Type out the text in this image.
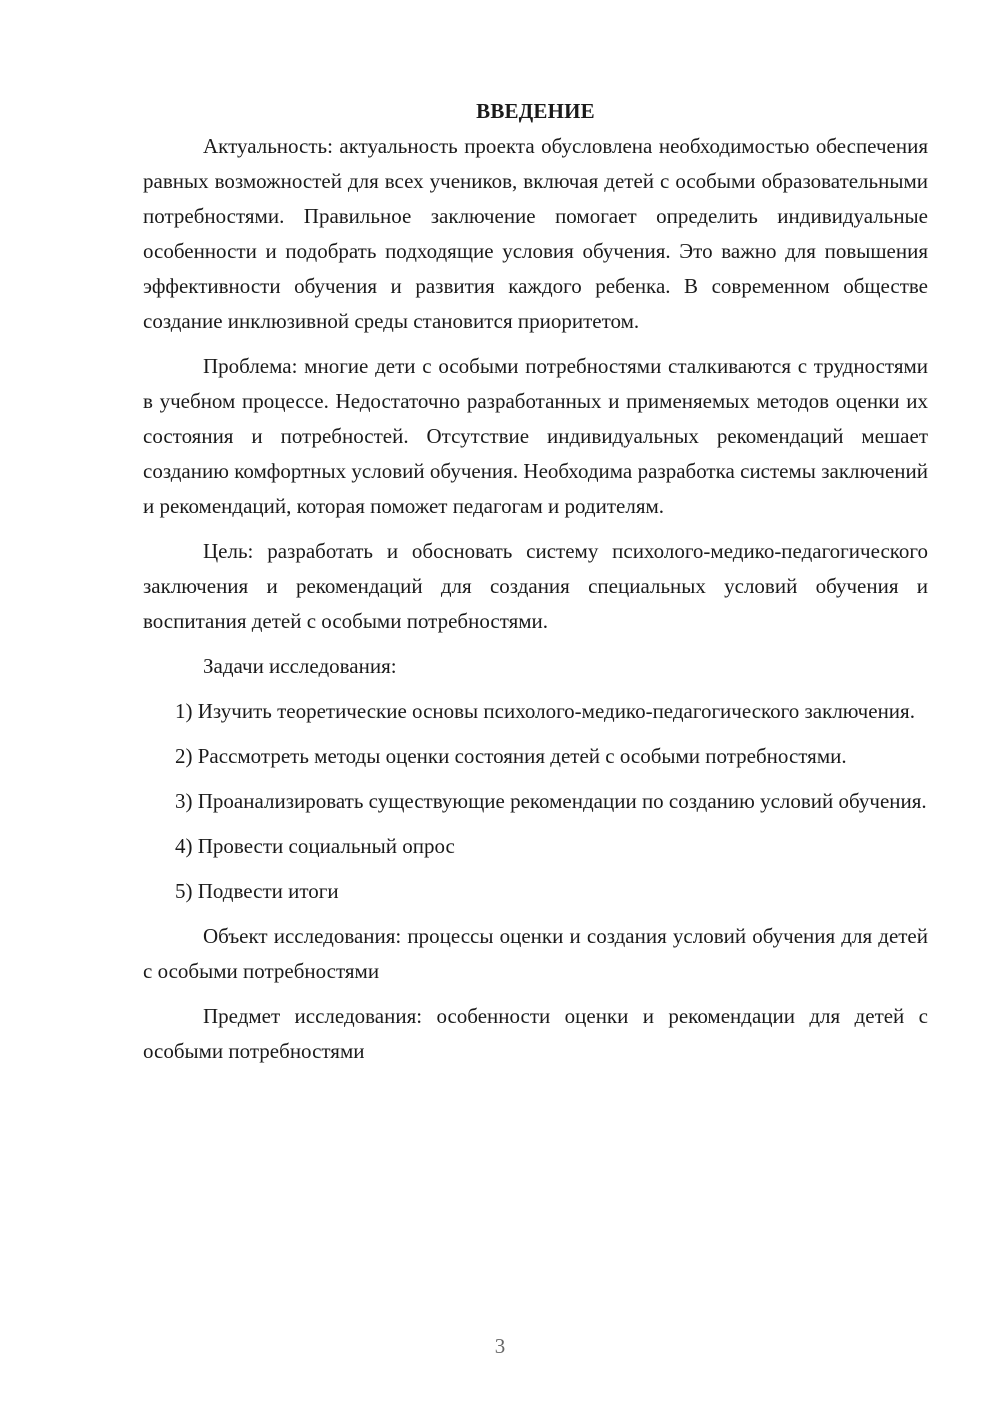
ВВЕДЕНИЕ

Актуальность: актуальность проекта обусловлена необходимостью обеспечения равных возможностей для всех учеников, включая детей с особыми образовательными потребностями. Правильное заключение помогает определить индивидуальные особенности и подобрать подходящие условия обучения. Это важно для повышения эффективности обучения и развития каждого ребенка. В современном обществе создание инклюзивной среды становится приоритетом.

Проблема: многие дети с особыми потребностями сталкиваются с трудностями в учебном процессе. Недостаточно разработанных и применяемых методов оценки их состояния и потребностей. Отсутствие индивидуальных рекомендаций мешает созданию комфортных условий обучения. Необходима разработка системы заключений и рекомендаций, которая поможет педагогам и родителям.

Цель: разработать и обосновать систему психолого-медико-педагогического заключения и рекомендаций для создания специальных условий обучения и воспитания детей с особыми потребностями.

Задачи исследования:

1) Изучить теоретические основы психолого-медико-педагогического заключения.

2) Рассмотреть методы оценки состояния детей с особыми потребностями.

3) Проанализировать существующие рекомендации по созданию условий обучения.

4) Провести социальный опрос

5) Подвести итоги

Объект исследования: процессы оценки и создания условий обучения для детей с особыми потребностями

Предмет исследования: особенности оценки и рекомендации для детей с особыми потребностями

3
